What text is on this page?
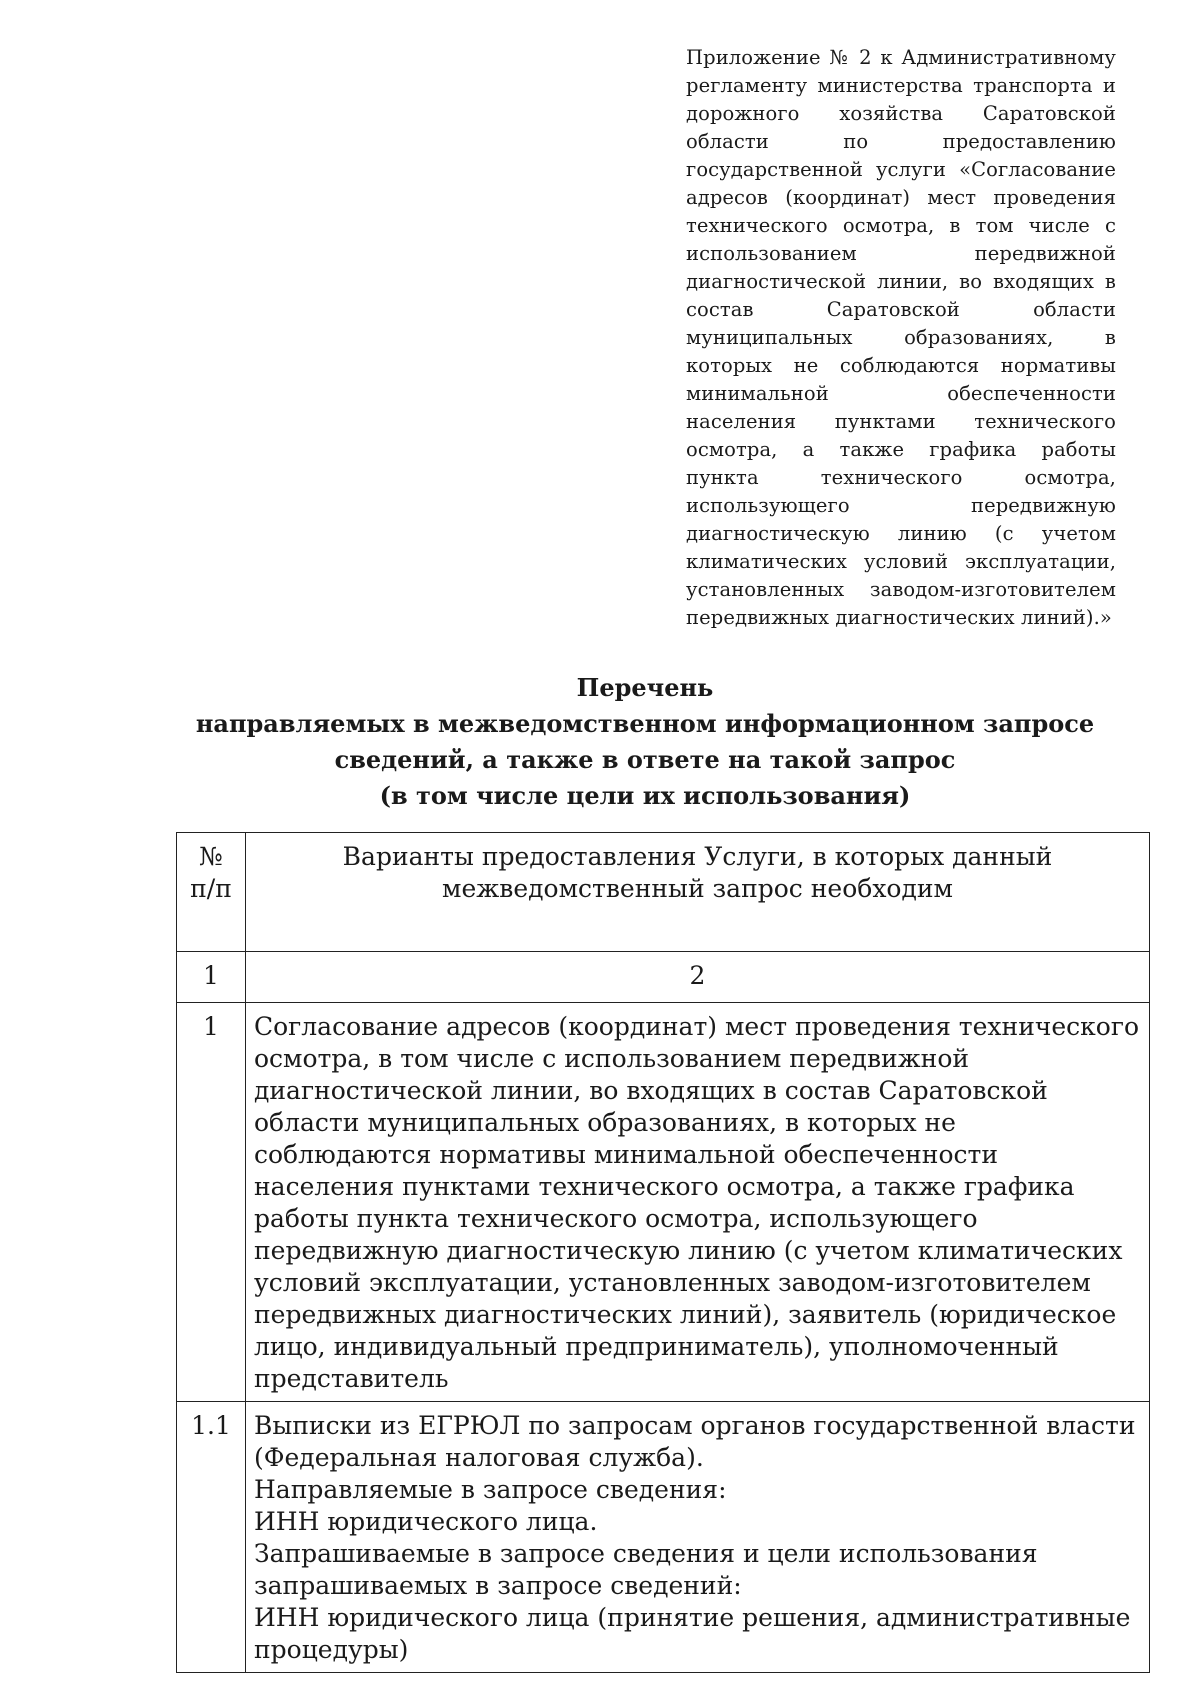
Приложение № 2 к Административному регламенту министерства транспорта и дорожного хозяйства Саратовской области по предоставлению государственной услуги «Согласование адресов (координат) мест проведения технического осмотра, в том числе с использованием передвижной диагностической линии, во входящих в состав Саратовской области муниципальных образованиях, в которых не соблюдаются нормативы минимальной обеспеченности населения пунктами технического осмотра, а также графика работы пункта технического осмотра, использующего передвижную диагностическую линию (с учетом климатических условий эксплуатации, установленных заводом-изготовителем передвижных диагностических линий).»
Перечень
направляемых в межведомственном информационном запросе
сведений, а также в ответе на такой запрос
(в том числе цели их использования)
№ п/п	Варианты предоставления Услуги, в которых данный межведомственный запрос необходим
1	2
1	Согласование адресов (координат) мест проведения технического осмотра, в том числе с использованием передвижной диагностической линии, во входящих в состав Саратовской области муниципальных образованиях, в которых не соблюдаются нормативы минимальной обеспеченности населения пунктами технического осмотра, а также графика работы пункта технического осмотра, использующего передвижную диагностическую линию (с учетом климатических условий эксплуатации, установленных заводом-изготовителем передвижных диагностических линий), заявитель (юридическое лицо, индивидуальный предприниматель), уполномоченный представитель
1.1	Выписки из ЕГРЮЛ по запросам органов государственной власти (Федеральная налоговая служба).
Направляемые в запросе сведения:
ИНН юридического лица.
Запрашиваемые в запросе сведения и цели использования запрашиваемых в запросе сведений:
ИНН юридического лица (принятие решения, административные процедуры)
